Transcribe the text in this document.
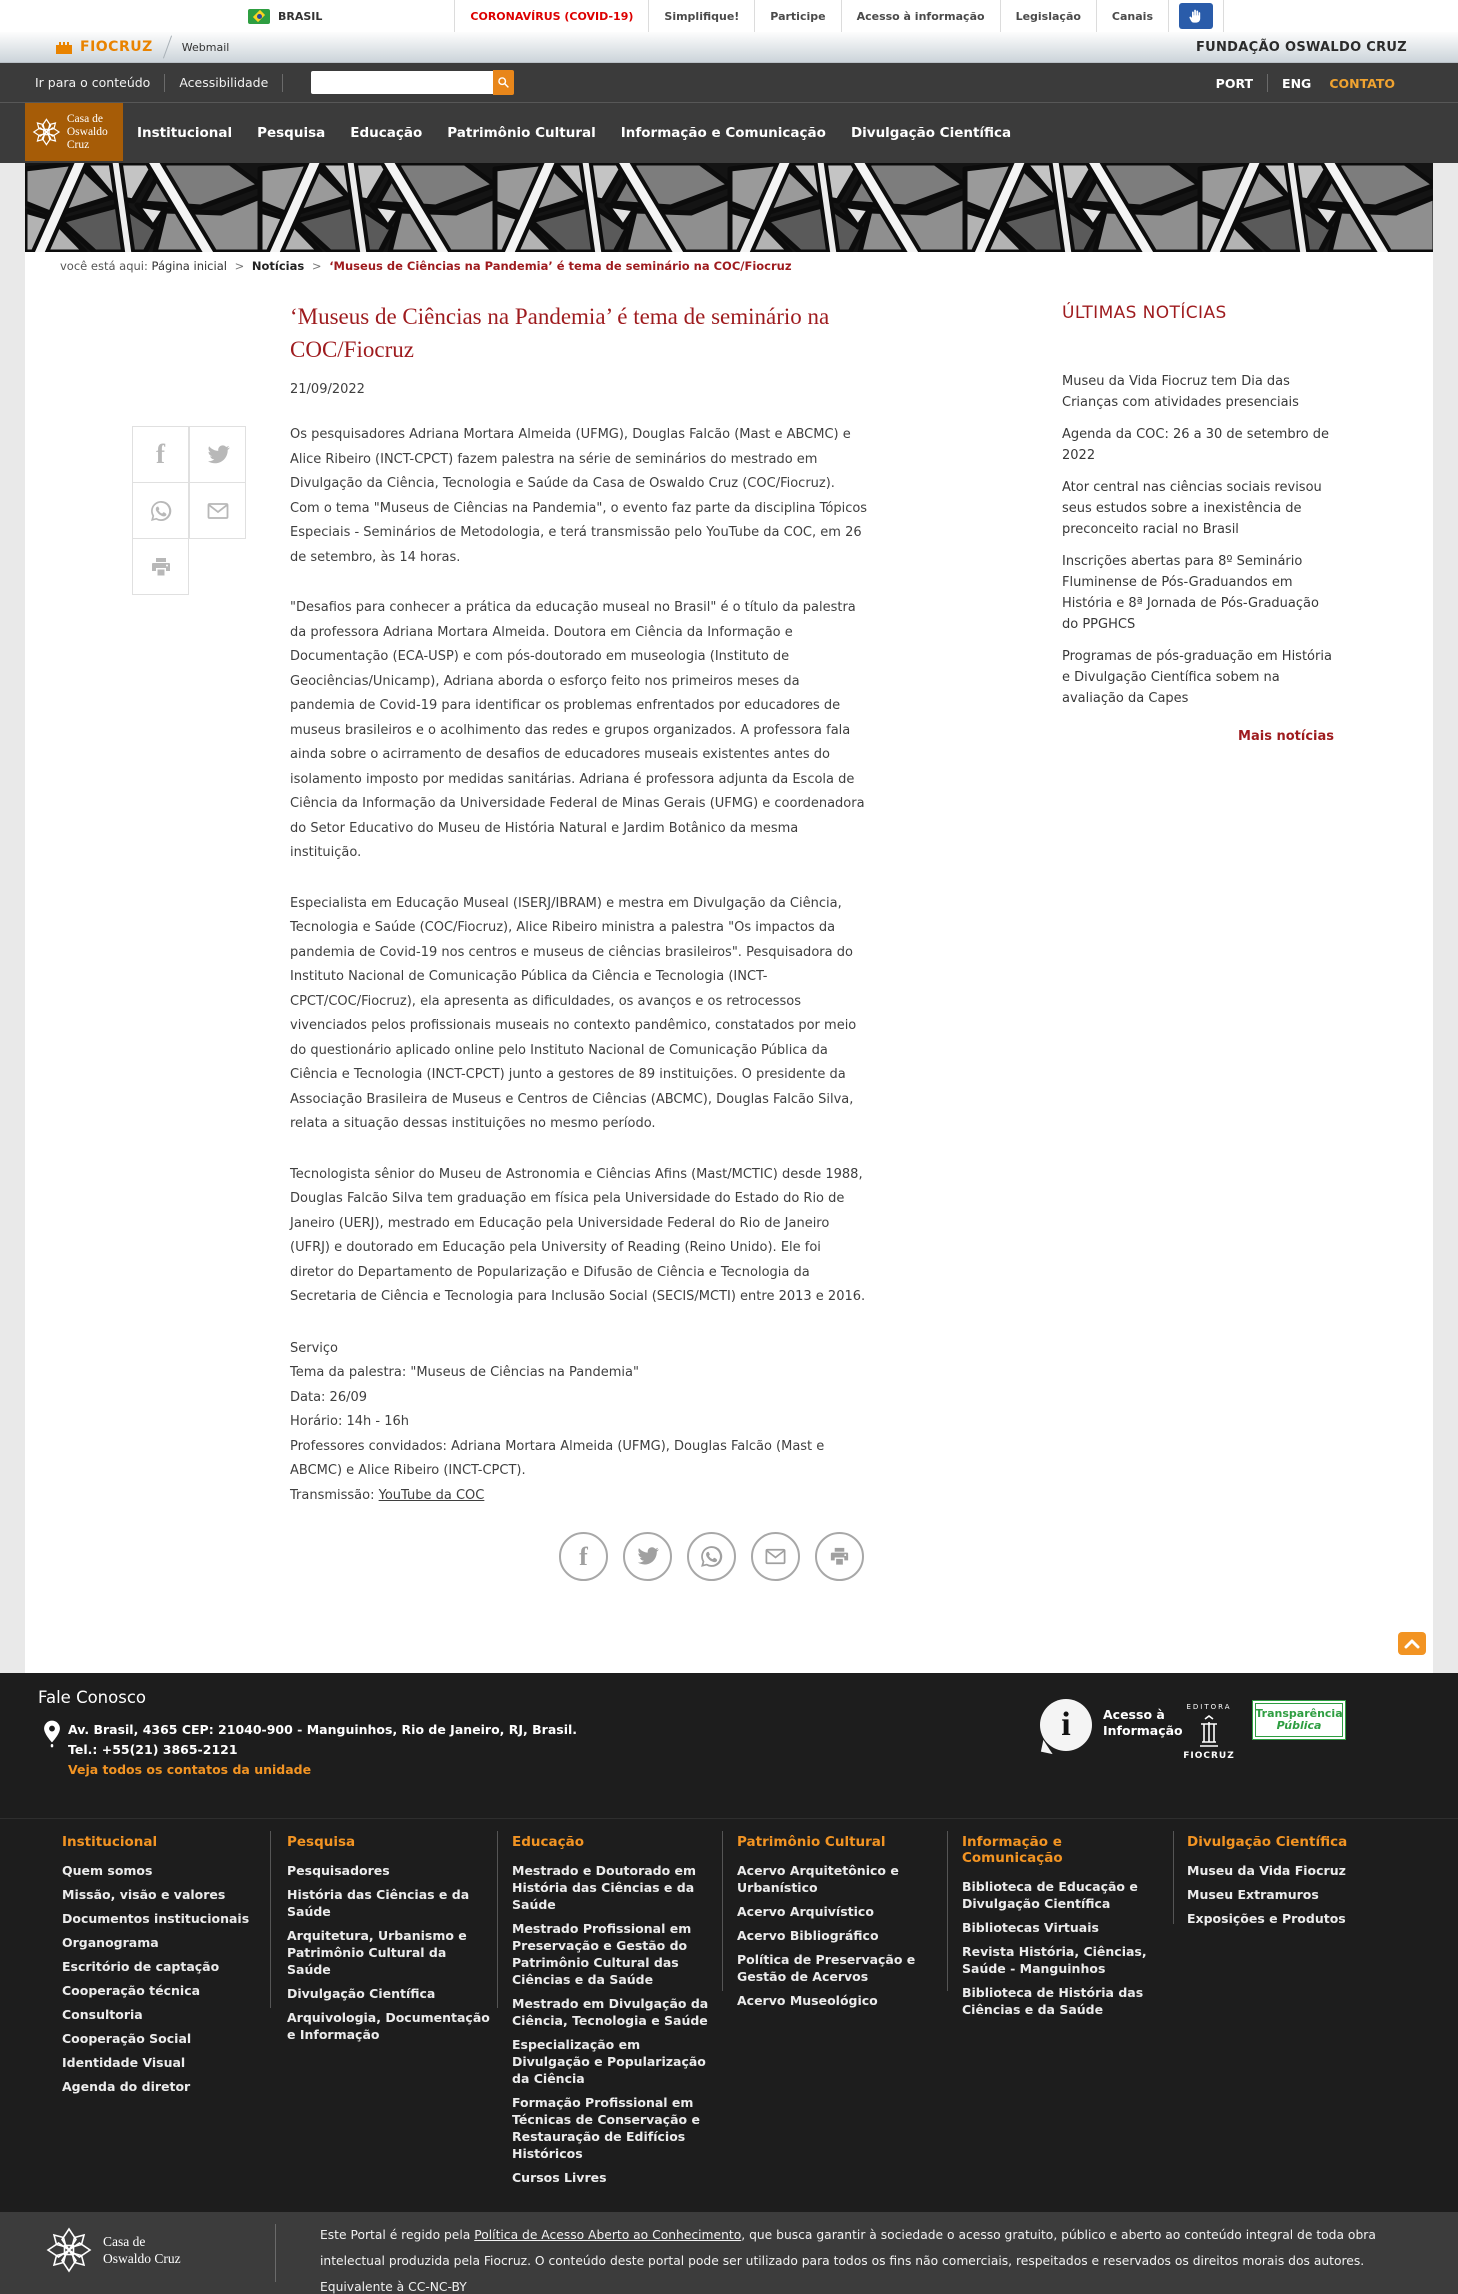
BRASIL	CORONAVÍRUS (COVID-19)	Simplifique!	Participe	Acesso à informação	Legislação	Canais
FIOCRUZ	Webmail	FUNDAÇÃO OSWALDO CRUZ
Ir para o conteúdo Acessibilidade	PORT ENG CONTATO
Institucional Pesquisa Educação Patrimônio Cultural Informação e Comunicação Divulgação Científica
Casa de
Oswaldo Cruz
você está aqui: Página inicial > Notícias > ‘Museus de Ciências na Pandemia’ é tema de seminário na COC/Fiocruz
f
‘Museus de Ciências na Pandemia’ é tema de seminário na COC/Fiocruz
21/09/2022

Os pesquisadores Adriana Mortara Almeida (UFMG), Douglas Falcão (Mast e ABCMC) e Alice Ribeiro (INCT-CPCT) fazem palestra na série de seminários do mestrado em Divulgação da Ciência, Tecnologia e Saúde da Casa de Oswaldo Cruz (COC/Fiocruz). Com o tema "Museus de Ciências na Pandemia", o evento faz parte da disciplina Tópicos Especiais - Seminários de Metodologia, e terá transmissão pelo YouTube da COC, em 26 de setembro, às 14 horas.

"Desafios para conhecer a prática da educação museal no Brasil" é o título da palestra da professora Adriana Mortara Almeida. Doutora em Ciência da Informação e Documentação (ECA-USP) e com pós-doutorado em museologia (Instituto de Geociências/Unicamp), Adriana aborda o esforço feito nos primeiros meses da pandemia de Covid-19 para identificar os problemas enfrentados por educadores de museus brasileiros e o acolhimento das redes e grupos organizados. A professora fala ainda sobre o acirramento de desafios de educadores museais existentes antes do isolamento imposto por medidas sanitárias. Adriana é professora adjunta da Escola de Ciência da Informação da Universidade Federal de Minas Gerais (UFMG) e coordenadora do Setor Educativo do Museu de História Natural e Jardim Botânico da mesma instituição.

Especialista em Educação Museal (ISERJ/IBRAM) e mestra em Divulgação da Ciência, Tecnologia e Saúde (COC/Fiocruz), Alice Ribeiro ministra a palestra "Os impactos da pandemia de Covid-19 nos centros e museus de ciências brasileiros". Pesquisadora do Instituto Nacional de Comunicação Pública da Ciência e Tecnologia (INCT-CPCT/COC/Fiocruz), ela apresenta as dificuldades, os avanços e os retrocessos vivenciados pelos profissionais museais no contexto pandêmico, constatados por meio do questionário aplicado online pelo Instituto Nacional de Comunicação Pública da Ciência e Tecnologia (INCT-CPCT) junto a gestores de 89 instituições. O presidente da Associação Brasileira de Museus e Centros de Ciências (ABCMC), Douglas Falcão Silva, relata a situação dessas instituições no mesmo período.

Tecnologista sênior do Museu de Astronomia e Ciências Afins (Mast/MCTIC) desde 1988, Douglas Falcão Silva tem graduação em física pela Universidade do Estado do Rio de Janeiro (UERJ), mestrado em Educação pela Universidade Federal do Rio de Janeiro (UFRJ) e doutorado em Educação pela University of Reading (Reino Unido). Ele foi diretor do Departamento de Popularização e Difusão de Ciência e Tecnologia da Secretaria de Ciência e Tecnologia para Inclusão Social (SECIS/MCTI) entre 2013 e 2016.

Serviço
Tema da palestra: "Museus de Ciências na Pandemia"
Data: 26/09
Horário: 14h - 16h
Professores convidados: Adriana Mortara Almeida (UFMG), Douglas Falcão (Mast e ABCMC) e Alice Ribeiro (INCT-CPCT).
Transmissão: YouTube da COC
f
ÚLTIMAS NOTÍCIAS
Museu da Vida Fiocruz tem Dia das Crianças com atividades presenciais
Agenda da COC: 26 a 30 de setembro de 2022
Ator central nas ciências sociais revisou seus estudos sobre a inexistência de preconceito racial no Brasil
Inscrições abertas para 8º Seminário Fluminense de Pós-Graduandos em História e 8ª Jornada de Pós-Graduação do PPGHCS
Programas de pós-graduação em História e Divulgação Científica sobem na avaliação da Capes
Mais notícias
Fale Conosco
Av. Brasil, 4365 CEP: 21040-900 - Manguinhos, Rio de Janeiro, RJ, Brasil.
Tel.: +55(21) 3865-2121
Veja todos os contatos da unidade
i	Acesso à
Informação
EDITORA
FIOCRUZ
Transparência
Pública
Institucional
Quem somos
Missão, visão e valores
Documentos institucionais
Organograma
Escritório de captação
Cooperação técnica
Consultoria
Cooperação Social
Identidade Visual
Agenda do diretor
Pesquisa
Pesquisadores
História das Ciências e da Saúde
Arquitetura, Urbanismo e Patrimônio Cultural da Saúde
Divulgação Científica
Arquivologia, Documentação e Informação
Educação
Mestrado e Doutorado em História das Ciências e da Saúde
Mestrado Profissional em Preservação e Gestão do Patrimônio Cultural das Ciências e da Saúde
Mestrado em Divulgação da Ciência, Tecnologia e Saúde
Especialização em Divulgação e Popularização da Ciência
Formação Profissional em Técnicas de Conservação e Restauração de Edifícios Históricos
Cursos Livres
Patrimônio Cultural
Acervo Arquitetônico e Urbanístico
Acervo Arquivístico
Acervo Bibliográfico
Política de Preservação e Gestão de Acervos
Acervo Museológico
Informação e Comunicação
Biblioteca de Educação e Divulgação Científica
Bibliotecas Virtuais
Revista História, Ciências, Saúde - Manguinhos
Biblioteca de História das Ciências e da Saúde
Divulgação Científica
Museu da Vida Fiocruz
Museu Extramuros
Exposições e Produtos
Casa de
Oswaldo Cruz
Este Portal é regido pela Política de Acesso Aberto ao Conhecimento, que busca garantir à sociedade o acesso gratuito, público e aberto ao conteúdo integral de toda obra intelectual produzida pela Fiocruz. O conteúdo deste portal pode ser utilizado para todos os fins não comerciais, respeitados e reservados os direitos morais dos autores.
Equivalente à CC-NC-BY
